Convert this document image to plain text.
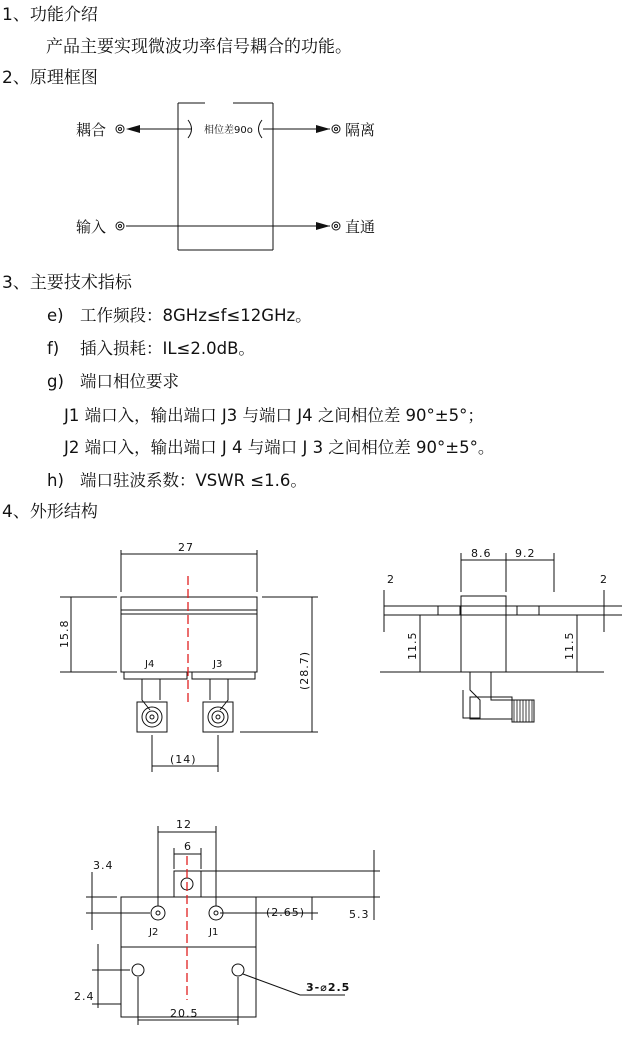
1、功能介绍
产品主要实现微波功率信号耦合的功能。
2、原理框图
3、主要技术指标
e) 工作频段：8GHz≤f≤12GHz。
f) 插入损耗：IL≤2.0dB。
g) 端口相位要求
J1 端口入，输出端口 J3 与端口 J4 之间相位差 90°±5°；
J2 端口入，输出端口 J 4 与端口 J 3 之间相位差 90°±5°。
h) 端口驻波系数：VSWR ≤1.6。
4、外形结构
耦合	隔离
输入	直通
相位差90o
27
15.8
(28.7)
(14)
J4	J3
8.6 9.2
2	2
11.5	11.5
12
6
3.4
(2.65)	5.3
2.4
20.5
3-⌀2.5
J2	J1
